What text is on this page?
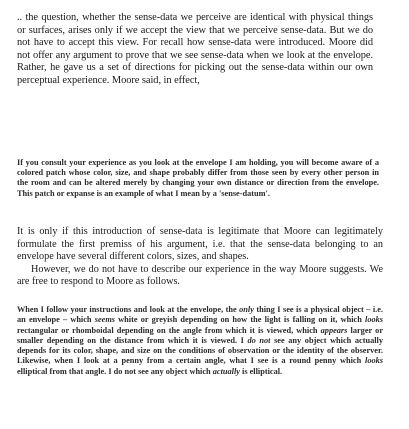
.. the question, whether the sense-data we perceive are identical with physical things or surfaces, arises only if we accept the view that we perceive sense-data. But we do not have to accept this view. For recall how sense-data were introduced. Moore did not offer any argument to prove that we see sense-data when we look at the envelope. Rather, he gave us a set of directions for picking out the sense-data within our own perceptual experience. Moore said, in effect,

If you consult your experience as you look at the envelope I am holding, you will become aware of a colored patch whose color, size, and shape probably differ from those seen by every other person in the room and can be altered merely by changing your own distance or direction from the envelope. This patch or expanse is an example of what I mean by a 'sense-datum'.

It is only if this introduction of sense-data is legitimate that Moore can legitimately formulate the first premiss of his argument, i.e. that the sense-data belonging to an envelope have several different colors, sizes, and shapes.
However, we do not have to describe our experience in the way Moore suggests. We are free to respond to Moore as follows.

When I follow your instructions and look at the envelope, the only thing I see is a physical object – i.e. an envelope – which seems white or greyish depending on how the light is falling on it, which looks rectangular or rhomboidal depending on the angle from which it is viewed, which appears larger or smaller depending on the distance from which it is viewed. I do not see any object which actually depends for its color, shape, and size on the conditions of observation or the identity of the observer. Likewise, when I look at a penny from a certain angle, what I see is a round penny which looks elliptical from that angle. I do not see any object which actually is elliptical.
